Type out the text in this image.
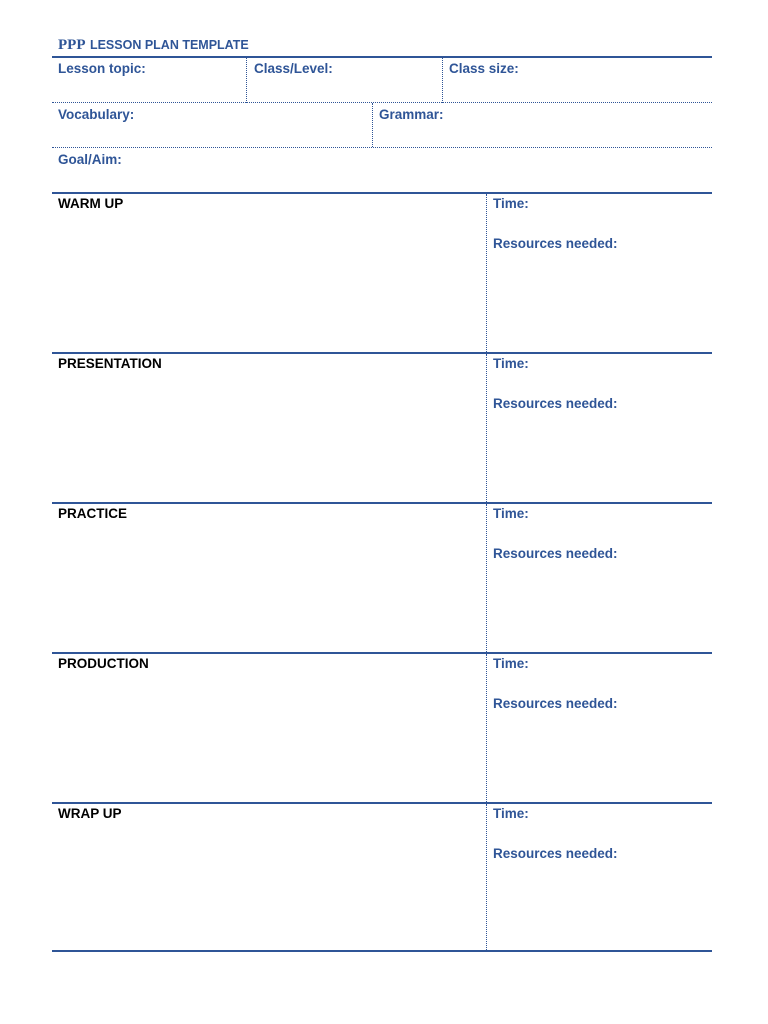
PPP LESSON PLAN TEMPLATE
Lesson topic:	Class/Level:	Class size:
Vocabulary:	Grammar:
Goal/Aim:
WARM UP	Time:
Resources needed:
PRESENTATION	Time:
Resources needed:
PRACTICE	Time:
Resources needed:
PRODUCTION	Time:
Resources needed:
WRAP UP	Time:
Resources needed:
